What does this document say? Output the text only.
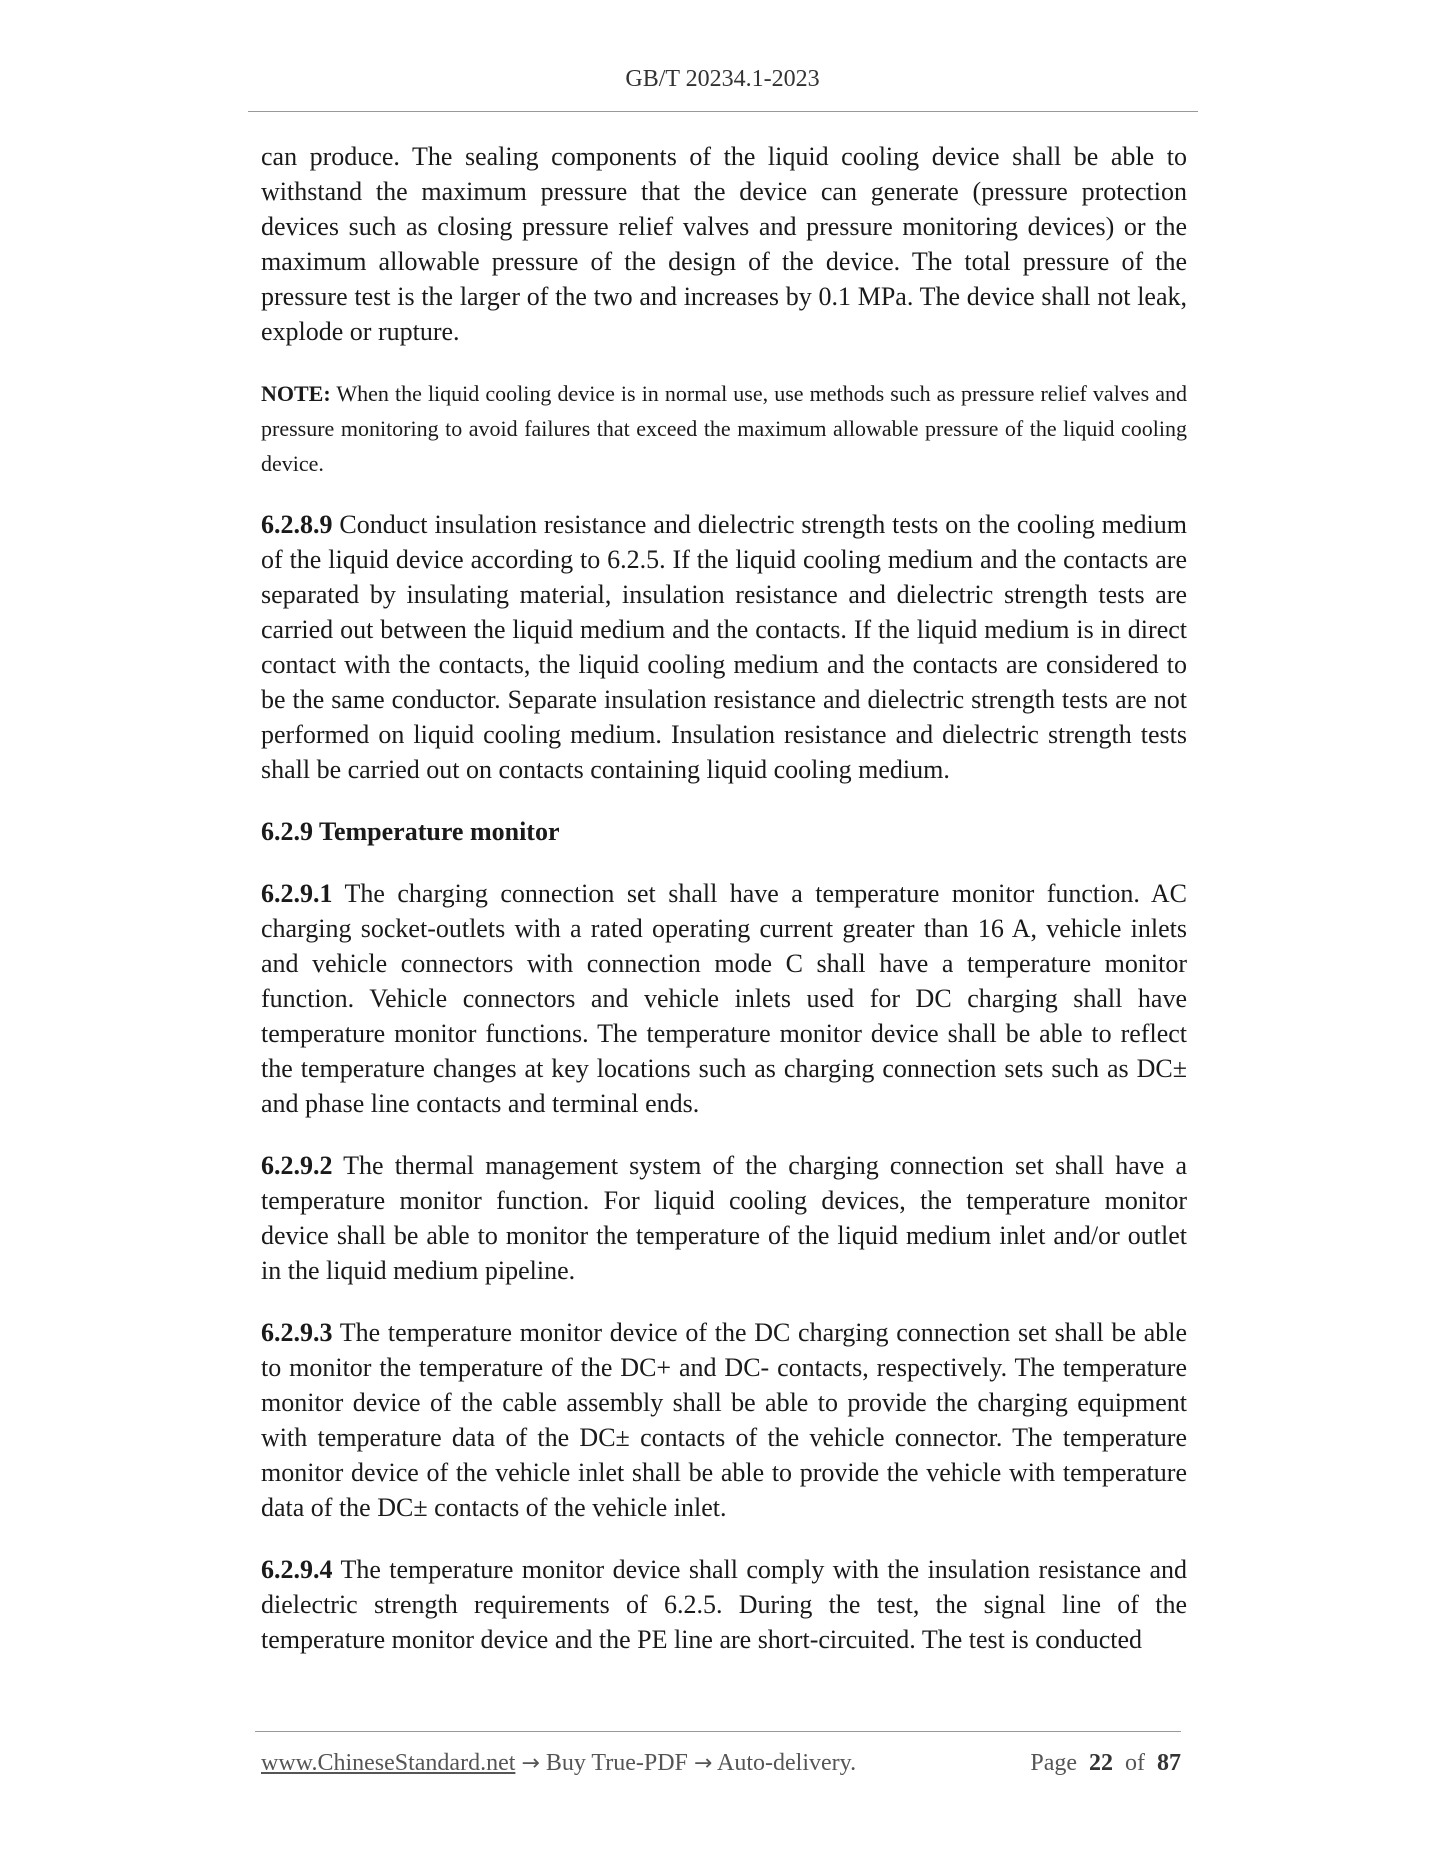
GB/T 20234.1-2023

can produce. The sealing components of the liquid cooling device shall be able to withstand the maximum pressure that the device can generate (pressure protection devices such as closing pressure relief valves and pressure monitoring devices) or the maximum allowable pressure of the design of the device. The total pressure of the pressure test is the larger of the two and increases by 0.1 MPa. The device shall not leak, explode or rupture.

NOTE: When the liquid cooling device is in normal use, use methods such as pressure relief valves and pressure monitoring to avoid failures that exceed the maximum allowable pressure of the liquid cooling device.

6.2.8.9 Conduct insulation resistance and dielectric strength tests on the cooling medium of the liquid device according to 6.2.5. If the liquid cooling medium and the contacts are separated by insulating material, insulation resistance and dielectric strength tests are carried out between the liquid medium and the contacts. If the liquid medium is in direct contact with the contacts, the liquid cooling medium and the contacts are considered to be the same conductor. Separate insulation resistance and dielectric strength tests are not performed on liquid cooling medium. Insulation resistance and dielectric strength tests shall be carried out on contacts containing liquid cooling medium.

6.2.9 Temperature monitor

6.2.9.1 The charging connection set shall have a temperature monitor function. AC charging socket-outlets with a rated operating current greater than 16 A, vehicle inlets and vehicle connectors with connection mode C shall have a temperature monitor function. Vehicle connectors and vehicle inlets used for DC charging shall have temperature monitor functions. The temperature monitor device shall be able to reflect the temperature changes at key locations such as charging connection sets such as DC± and phase line contacts and terminal ends.

6.2.9.2 The thermal management system of the charging connection set shall have a temperature monitor function. For liquid cooling devices, the temperature monitor device shall be able to monitor the temperature of the liquid medium inlet and/or outlet in the liquid medium pipeline.

6.2.9.3 The temperature monitor device of the DC charging connection set shall be able to monitor the temperature of the DC+ and DC- contacts, respectively. The temperature monitor device of the cable assembly shall be able to provide the charging equipment with temperature data of the DC± contacts of the vehicle connector. The temperature monitor device of the vehicle inlet shall be able to provide the vehicle with temperature data of the DC± contacts of the vehicle inlet.

6.2.9.4 The temperature monitor device shall comply with the insulation resistance and dielectric strength requirements of 6.2.5. During the test, the signal line of the temperature monitor device and the PE line are short-circuited. The test is conducted

www.ChineseStandard.net → Buy True-PDF → Auto-delivery.	Page 22 of 87
